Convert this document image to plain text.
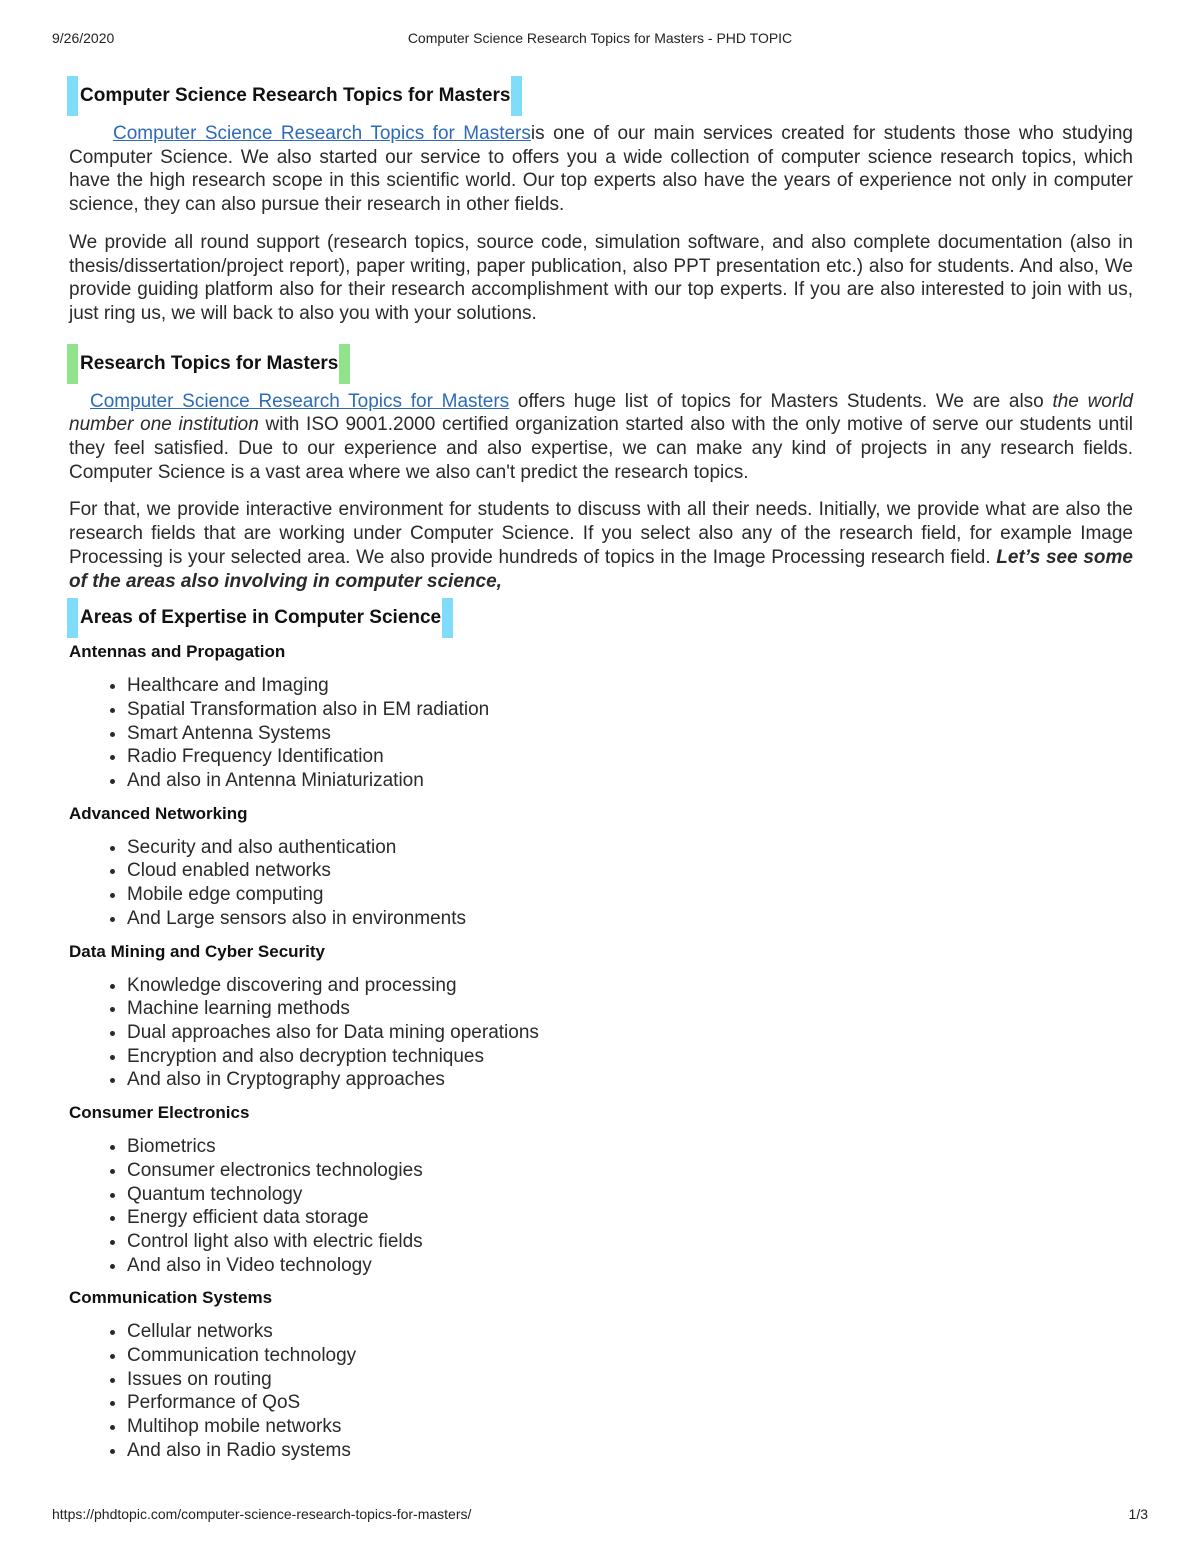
9/26/2020	Computer Science Research Topics for Masters - PHD TOPIC
Computer Science Research Topics for Masters

Computer Science Research Topics for Mastersis one of our main services created for students those who studying Computer Science. We also started our service to offers you a wide collection of computer science research topics, which have the high research scope in this scientific world. Our top experts also have the years of experience not only in computer science, they can also pursue their research in other fields.

We provide all round support (research topics, source code, simulation software, and also complete documentation (also in thesis/dissertation/project report), paper writing, paper publication, also PPT presentation etc.) also for students. And also, We provide guiding platform also for their research accomplishment with our top experts. If you are also interested to join with us, just ring us, we will back to also you with your solutions.

Research Topics for Masters

Computer Science Research Topics for Masters offers huge list of topics for Masters Students. We are also the world number one institution with ISO 9001.2000 certified organization started also with the only motive of serve our students until they feel satisfied. Due to our experience and also expertise, we can make any kind of projects in any research fields. Computer Science is a vast area where we also can't predict the research topics.

For that, we provide interactive environment for students to discuss with all their needs. Initially, we provide what are also the research fields that are working under Computer Science. If you select also any of the research field, for example Image Processing is your selected area. We also provide hundreds of topics in the Image Processing research field. Let’s see some of the areas also involving in computer science,

Areas of Expertise in Computer Science
Antennas and Propagation
• Healthcare and Imaging
• Spatial Transformation also in EM radiation
• Smart Antenna Systems
• Radio Frequency Identification
• And also in Antenna Miniaturization
Advanced Networking
• Security and also authentication
• Cloud enabled networks
• Mobile edge computing
• And Large sensors also in environments
Data Mining and Cyber Security
• Knowledge discovering and processing
• Machine learning methods
• Dual approaches also for Data mining operations
• Encryption and also decryption techniques
• And also in Cryptography approaches
Consumer Electronics
• Biometrics
• Consumer electronics technologies
• Quantum technology
• Energy efficient data storage
• Control light also with electric fields
• And also in Video technology
Communication Systems
• Cellular networks
• Communication technology
• Issues on routing
• Performance of QoS
• Multihop mobile networks
• And also in Radio systems
https://phdtopic.com/computer-science-research-topics-for-masters/	1/3
